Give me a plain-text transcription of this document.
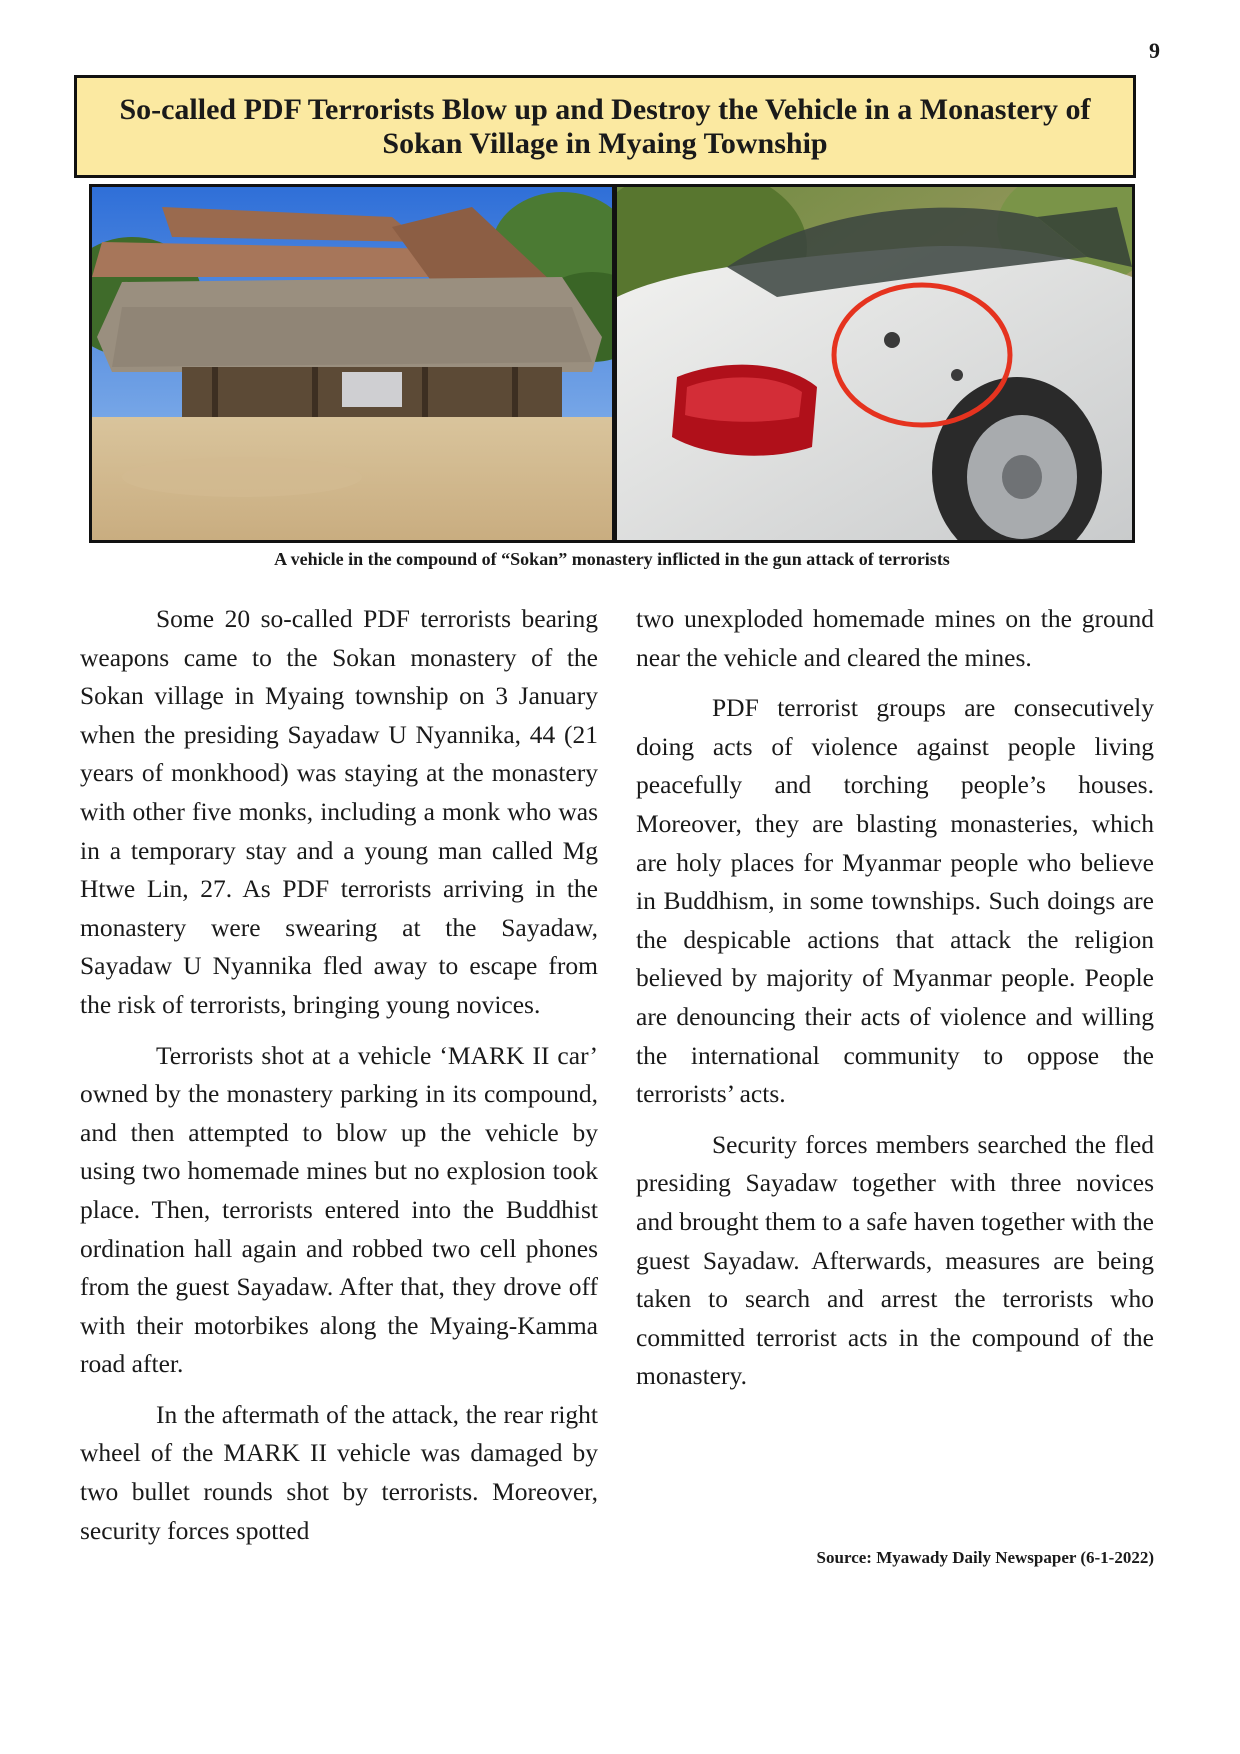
9
So-called PDF Terrorists Blow up and Destroy the Vehicle in a Monastery of Sokan Village in Myaing Township
A vehicle in the compound of “Sokan” monastery inflicted in the gun attack of terrorists

Some 20 so-called PDF terrorists bearing weapons came to the Sokan monastery of the Sokan village in Myaing township on 3 January when the presiding Sayadaw U Nyannika, 44 (21 years of monkhood) was staying at the monastery with other five monks, including a monk who was in a temporary stay and a young man called Mg Htwe Lin, 27. As PDF terrorists arriving in the monastery were swearing at the Sayadaw, Sayadaw U Nyannika fled away to escape from the risk of terrorists, bringing young novices.

Terrorists shot at a vehicle ‘MARK II car’ owned by the monastery parking in its compound, and then attempted to blow up the vehicle by using two homemade mines but no explosion took place. Then, terrorists entered into the Buddhist ordination hall again and robbed two cell phones from the guest Sayadaw. After that, they drove off with their motorbikes along the Myaing-Kamma road after.

In the aftermath of the attack, the rear right wheel of the MARK II vehicle was damaged by two bullet rounds shot by terrorists. Moreover, security forces spotted

two unexploded homemade mines on the ground near the vehicle and cleared the mines.

PDF terrorist groups are consecutively doing acts of violence against people living peacefully and torching people’s houses. Moreover, they are blasting monasteries, which are holy places for Myanmar people who believe in Buddhism, in some townships. Such doings are the despicable actions that attack the religion believed by majority of Myanmar people. People are denouncing their acts of violence and willing the international community to oppose the terrorists’ acts.

Security forces members searched the fled presiding Sayadaw together with three novices and brought them to a safe haven together with the guest Sayadaw. Afterwards, measures are being taken to search and arrest the terrorists who committed terrorist acts in the compound of the monastery.

Source: Myawady Daily Newspaper (6-1-2022)
